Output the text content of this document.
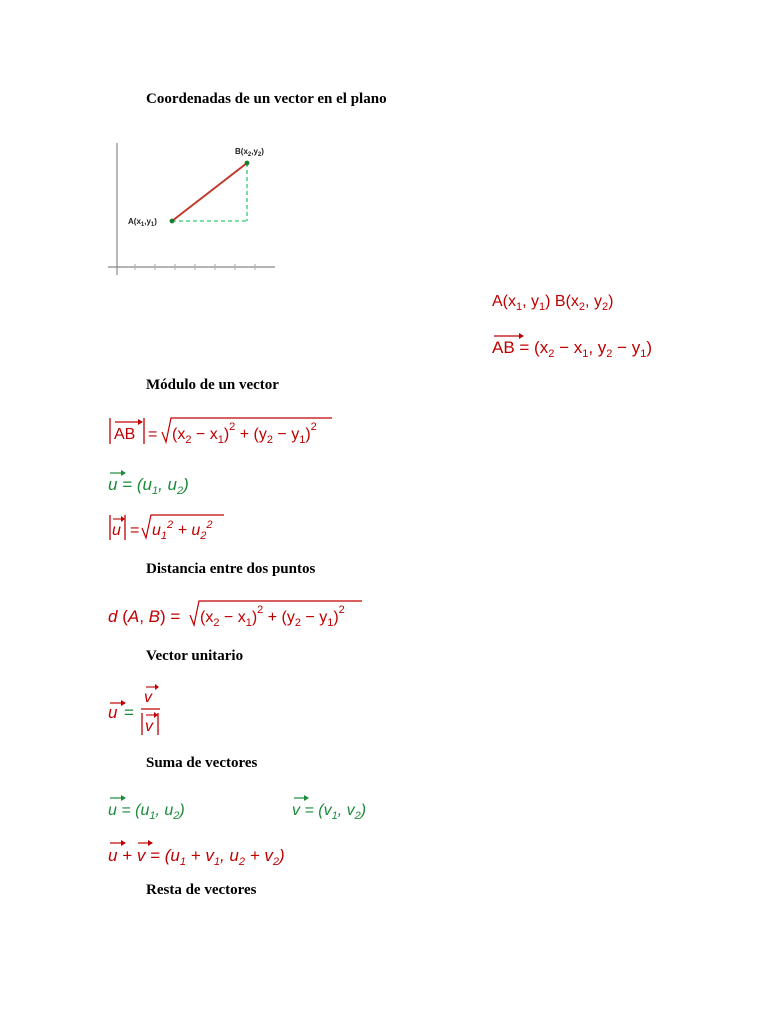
Coordenadas de un vector en el plano
$A(x_1,y_1)$
$B(x_2,y_2)$
$A(x_1$, $y_1$) $B(x_2$, $y_2$)
AB = ($x_2 - x_1$, $y_2 - y_1$)
Módulo de un vector
AB = $(x_2 - x_1)^2 + (y_2 - y_1)^2$
$u = (u_1$, $u_2$)
$u = u_1^2 + u_2^2$
Distancia entre dos puntos
d (A, $B) = (x_2 - x_1)^2 + (y_2 - y_1)^2$
Vector unitario
u =
v
v
Suma de vectores
$u = (u_1$, $u_2$)	$v = (v_1$, $v_2$)
$u + v = (u_1 + v_1$, $u_2 + v_2$)
Resta de vectores
